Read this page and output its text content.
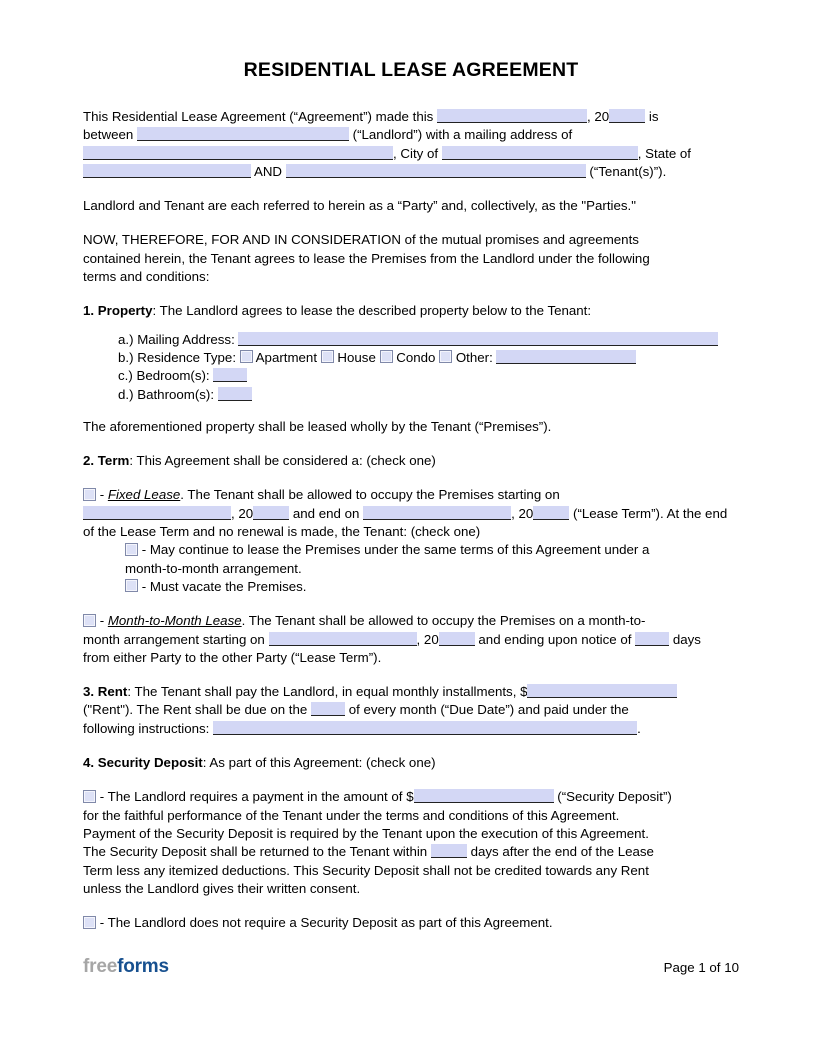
RESIDENTIAL LEASE AGREEMENT
This Residential Lease Agreement (“Agreement”) made this	, 20	is
between	(“Landlord”) with a mailing address of
, City of	, State of
AND	(“Tenant(s)”).
Landlord and Tenant are each referred to herein as a “Party” and, collectively, as the "Parties."
NOW, THEREFORE, FOR AND IN CONSIDERATION of the mutual promises and agreements
contained herein, the Tenant agrees to lease the Premises from the Landlord under the following
terms and conditions:
1. Property: The Landlord agrees to lease the described property below to the Tenant:
a.) Mailing Address:
b.) Residence Type:  Apartment  House  Condo  Other:
c.) Bedroom(s):
d.) Bathroom(s):
The aforementioned property shall be leased wholly by the Tenant (“Premises”).
2. Term: This Agreement shall be considered a: (check one)
- Fixed Lease. The Tenant shall be allowed to occupy the Premises starting on
, 20	and end on	, 20	(“Lease Term”). At the end
of the Lease Term and no renewal is made, the Tenant: (check one)
- May continue to lease the Premises under the same terms of this Agreement under a
month-to-month arrangement.
- Must vacate the Premises.
- Month-to-Month Lease. The Tenant shall be allowed to occupy the Premises on a month-to-
month arrangement starting on	, 20	and ending upon notice of	days
from either Party to the other Party (“Lease Term”).
3. Rent: The Tenant shall pay the Landlord, in equal monthly installments, $
("Rent"). The Rent shall be due on the	of every month (“Due Date”) and paid under the
following instructions:	.
4. Security Deposit: As part of this Agreement: (check one)
- The Landlord requires a payment in the amount of $	(“Security Deposit”)
for the faithful performance of the Tenant under the terms and conditions of this Agreement.
Payment of the Security Deposit is required by the Tenant upon the execution of this Agreement.
The Security Deposit shall be returned to the Tenant within	days after the end of the Lease
Term less any itemized deductions. This Security Deposit shall not be credited towards any Rent
unless the Landlord gives their written consent.
- The Landlord does not require a Security Deposit as part of this Agreement.
freeforms	Page 1 of 10
